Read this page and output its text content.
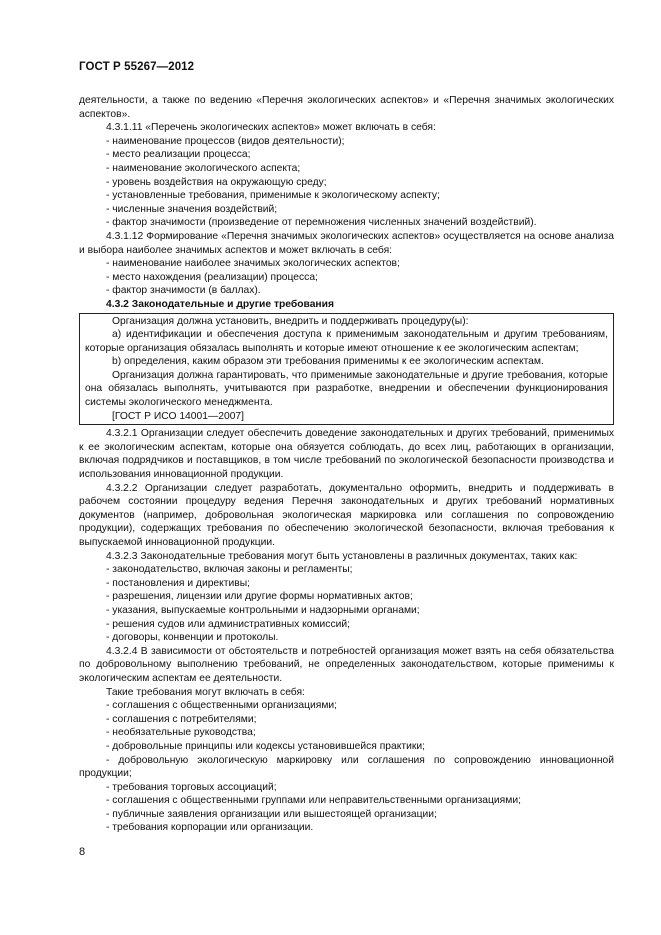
ГОСТ Р 55267—2012

деятельности, а также по ведению «Перечня экологических аспектов» и «Перечня значимых экологических аспектов».

4.3.1.11 «Перечень экологических аспектов» может включать в себя:

- наименование процессов (видов деятельности);

- место реализации процесса;

- наименование экологического аспекта;

- уровень воздействия на окружающую среду;

- установленные требования, применимые к экологическому аспекту;

- численные значения воздействий;

- фактор значимости (произведение от перемножения численных значений воздействий).

4.3.1.12 Формирование «Перечня значимых экологических аспектов» осуществляется на основе анализа и выбора наиболее значимых аспектов и может включать в себя:

- наименование наиболее значимых экологических аспектов;

- место нахождения (реализации) процесса;

- фактор значимости (в баллах).

4.3.2 Законодательные и другие требования

Организация должна установить, внедрить и поддерживать процедуру(ы):

a) идентификации и обеспечения доступа к применимым законодательным и другим требованиям, которые организация обязалась выполнять и которые имеют отношение к ее экологическим аспектам;

b) определения, каким образом эти требования применимы к ее экологическим аспектам.

Организация должна гарантировать, что применимые законодательные и другие требования, которые она обязалась выполнять, учитываются при разработке, внедрении и обеспечении функционирования системы экологического менеджмента.

[ГОСТ Р ИСО 14001—2007]

4.3.2.1 Организации следует обеспечить доведение законодательных и других требований, применимых к ее экологическим аспектам, которые она обязуется соблюдать, до всех лиц, работающих в организации, включая подрядчиков и поставщиков, в том числе требований по экологической безопасности производства и использования инновационной продукции.

4.3.2.2 Организации следует разработать, документально оформить, внедрить и поддерживать в рабочем состоянии процедуру ведения Перечня законодательных и других требований нормативных документов (например, добровольная экологическая маркировка или соглашения по сопровождению продукции), содержащих требования по обеспечению экологической безопасности, включая требования к выпускаемой инновационной продукции.

4.3.2.3 Законодательные требования могут быть установлены в различных документах, таких как:

- законодательство, включая законы и регламенты;

- постановления и директивы;

- разрешения, лицензии или другие формы нормативных актов;

- указания, выпускаемые контрольными и надзорными органами;

- решения судов или административных комиссий;

- договоры, конвенции и протоколы.

4.3.2.4 В зависимости от обстоятельств и потребностей организация может взять на себя обязательства по добровольному выполнению требований, не определенных законодательством, которые применимы к экологическим аспектам ее деятельности.

Такие требования могут включать в себя:

- соглашения с общественными организациями;

- соглашения с потребителями;

- необязательные руководства;

- добровольные принципы или кодексы установившейся практики;

- добровольную экологическую маркировку или соглашения по сопровождению инновационной продукции;

- требования торговых ассоциаций;

- соглашения с общественными группами или неправительственными организациями;

- публичные заявления организации или вышестоящей организации;

- требования корпорации или организации.

8
